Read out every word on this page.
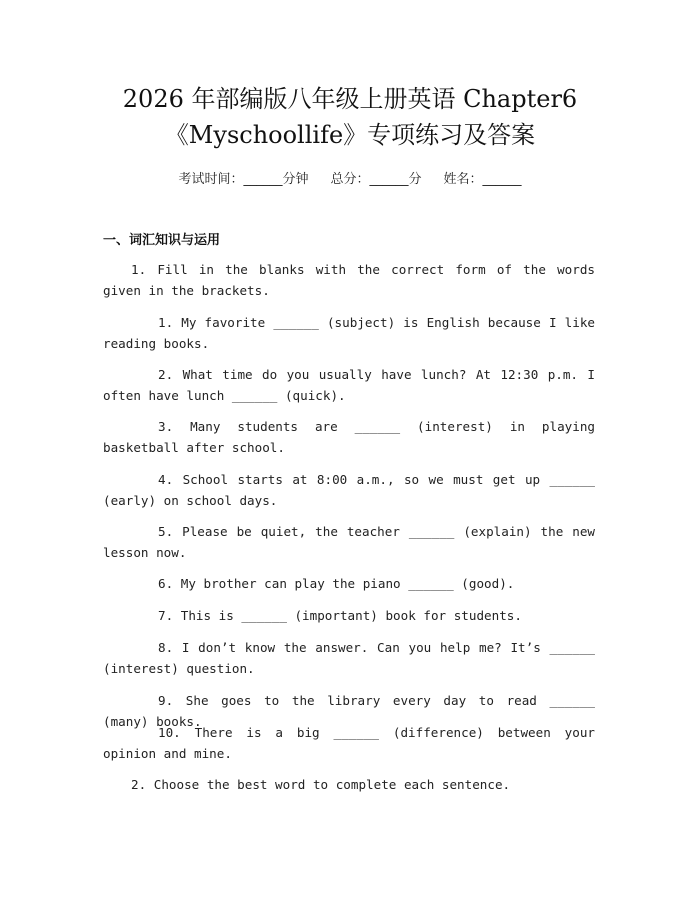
2026 年部编版八年级上册英语 Chapter6
《Myschoollife》专项练习及答案
考试时间：______分钟 总分：______分 姓名：______
一、词汇知识与运用
1. Fill in the blanks with the correct form of the words given in the brackets.
1. My favorite ______ (subject) is English because I like reading books.
2. What time do you usually have lunch? At 12:30 p.m. I often have lunch ______ (quick).
3. Many students are ______ (interest) in playing basketball after school.
4. School starts at 8:00 a.m., so we must get up ______ (early) on school days.
5. Please be quiet, the teacher ______ (explain) the new lesson now.
6. My brother can play the piano ______ (good).
7. This is ______ (important) book for students.
8. I don’t know the answer. Can you help me? It’s ______ (interest) question.
9. She goes to the library every day to read ______ (many) books.
10. There is a big ______ (difference) between your opinion and mine.
2. Choose the best word to complete each sentence.
